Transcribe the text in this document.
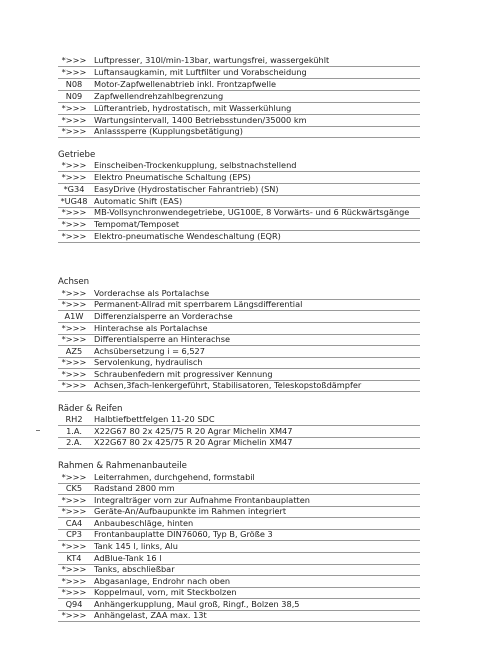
*>>> Luftpresser, 310l/min-13bar, wartungsfrei, wassergekühlt
*>>> Luftansaugkamin, mit Luftfilter und Vorabscheidung
N08	Motor-Zapfwellenabtrieb inkl. Frontzapfwelle
N09	Zapfwellendrehzahlbegrenzung
*>>> Lüfterantrieb, hydrostatisch, mit Wasserkühlung
*>>> Wartungsintervall, 1400 Betriebsstunden/35000 km
*>>> Anlasssperre (Kupplungsbetätigung)
Getriebe
*>>> Einscheiben-Trockenkupplung, selbstnachstellend
*>>> Elektro Pneumatische Schaltung (EPS)
*G34	EasyDrive (Hydrostatischer Fahrantrieb) (SN)
*UG48 Automatic Shift (EAS)
*>>> MB-Vollsynchronwendegetriebe, UG100E, 8 Vorwärts- und 6 Rückwärtsgänge
*>>> Tempomat/Temposet
*>>> Elektro-pneumatische Wendeschaltung (EQR)
Achsen
*>>> Vorderachse als Portalachse
*>>> Permanent-Allrad mit sperrbarem Längsdifferential
A1W	Differenzialsperre an Vorderachse
*>>> Hinterachse als Portalachse
*>>> Differentialsperre an Hinterachse
AZ5	Achsübersetzung i = 6,527
*>>> Servolenkung, hydraulisch
*>>> Schraubenfedern mit progressiver Kennung
*>>> Achsen,3fach-lenkergeführt, Stabilisatoren, Teleskopstoßdämpfer
Räder & Reifen
RH2	Halbtiefbettfelgen 11-20 SDC
1.A.	X22G67 80 2x 425/75 R 20 Agrar Michelin XM47
2.A.	X22G67 80 2x 425/75 R 20 Agrar Michelin XM47
Rahmen & Rahmenanbauteile
*>>> Leiterrahmen, durchgehend, formstabil
CK5	Radstand 2800 mm
*>>> Integralträger vorn zur Aufnahme Frontanbauplatten
*>>> Geräte-An/Aufbaupunkte im Rahmen integriert
CA4	Anbaubeschläge, hinten
CP3	Frontanbauplatte DIN76060, Typ B, Größe 3
*>>> Tank 145 l, links, Alu
KT4	AdBlue-Tank 16 l
*>>> Tanks, abschließbar
*>>> Abgasanlage, Endrohr nach oben
*>>> Koppelmaul, vorn, mit Steckbolzen
Q94	Anhängerkupplung, Maul groß, Ringf., Bolzen 38,5
*>>> Anhängelast, ZAA max. 13t
